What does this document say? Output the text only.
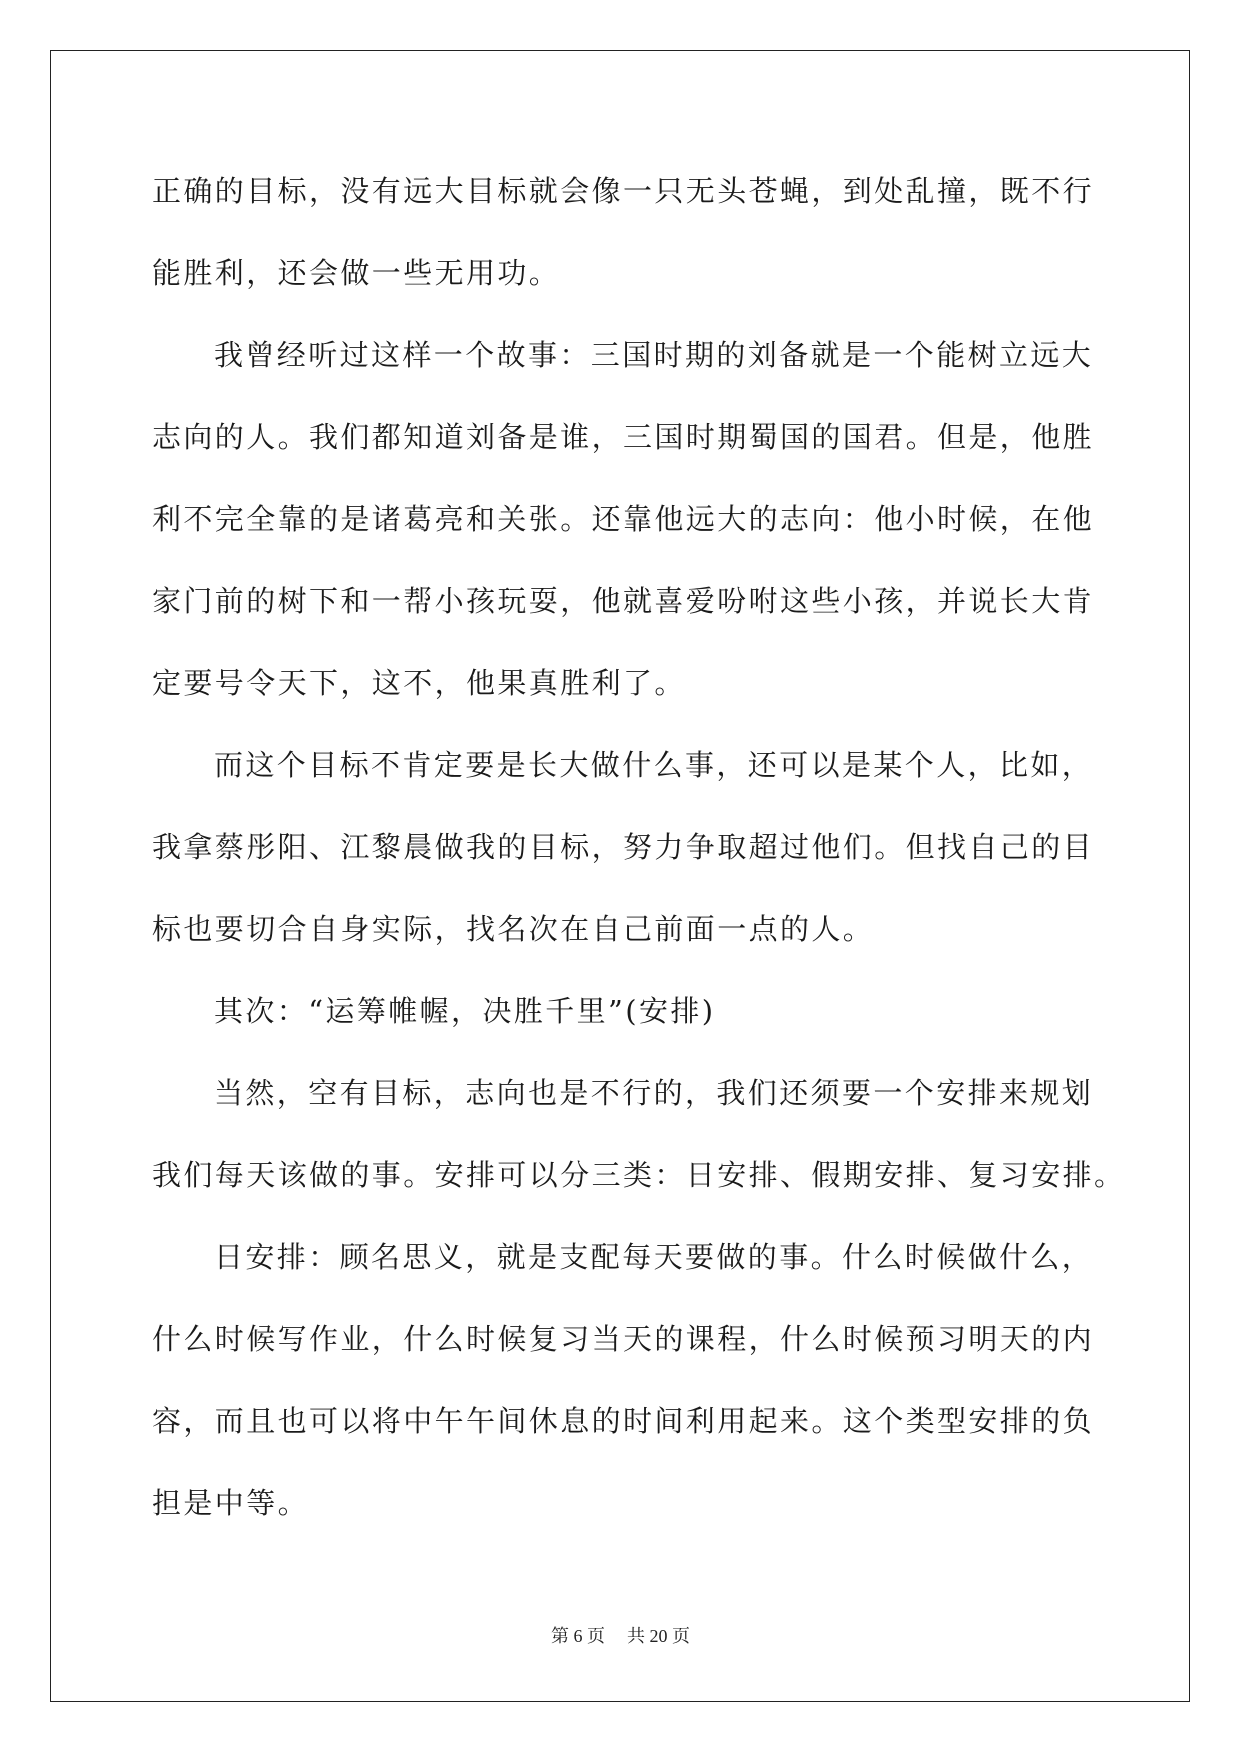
正确的目标，没有远大目标就会像一只无头苍蝇，到处乱撞，既不行
能胜利，还会做一些无用功。
我曾经听过这样一个故事：三国时期的刘备就是一个能树立远大
志向的人。我们都知道刘备是谁，三国时期蜀国的国君。但是，他胜
利不完全靠的是诸葛亮和关张。还靠他远大的志向：他小时候，在他
家门前的树下和一帮小孩玩耍，他就喜爱吩咐这些小孩，并说长大肯
定要号令天下，这不，他果真胜利了。
而这个目标不肯定要是长大做什么事，还可以是某个人，比如，
我拿蔡彤阳、江黎晨做我的目标，努力争取超过他们。但找自己的目
标也要切合自身实际，找名次在自己前面一点的人。
其次：“运筹帷幄，决胜千里”(安排)
当然，空有目标，志向也是不行的，我们还须要一个安排来规划
我们每天该做的事。安排可以分三类：日安排、假期安排、复习安排。
日安排：顾名思义，就是支配每天要做的事。什么时候做什么，
什么时候写作业，什么时候复习当天的课程，什么时候预习明天的内
容，而且也可以将中午午间休息的时间利用起来。这个类型安排的负
担是中等。
第 6 页 共 20 页
